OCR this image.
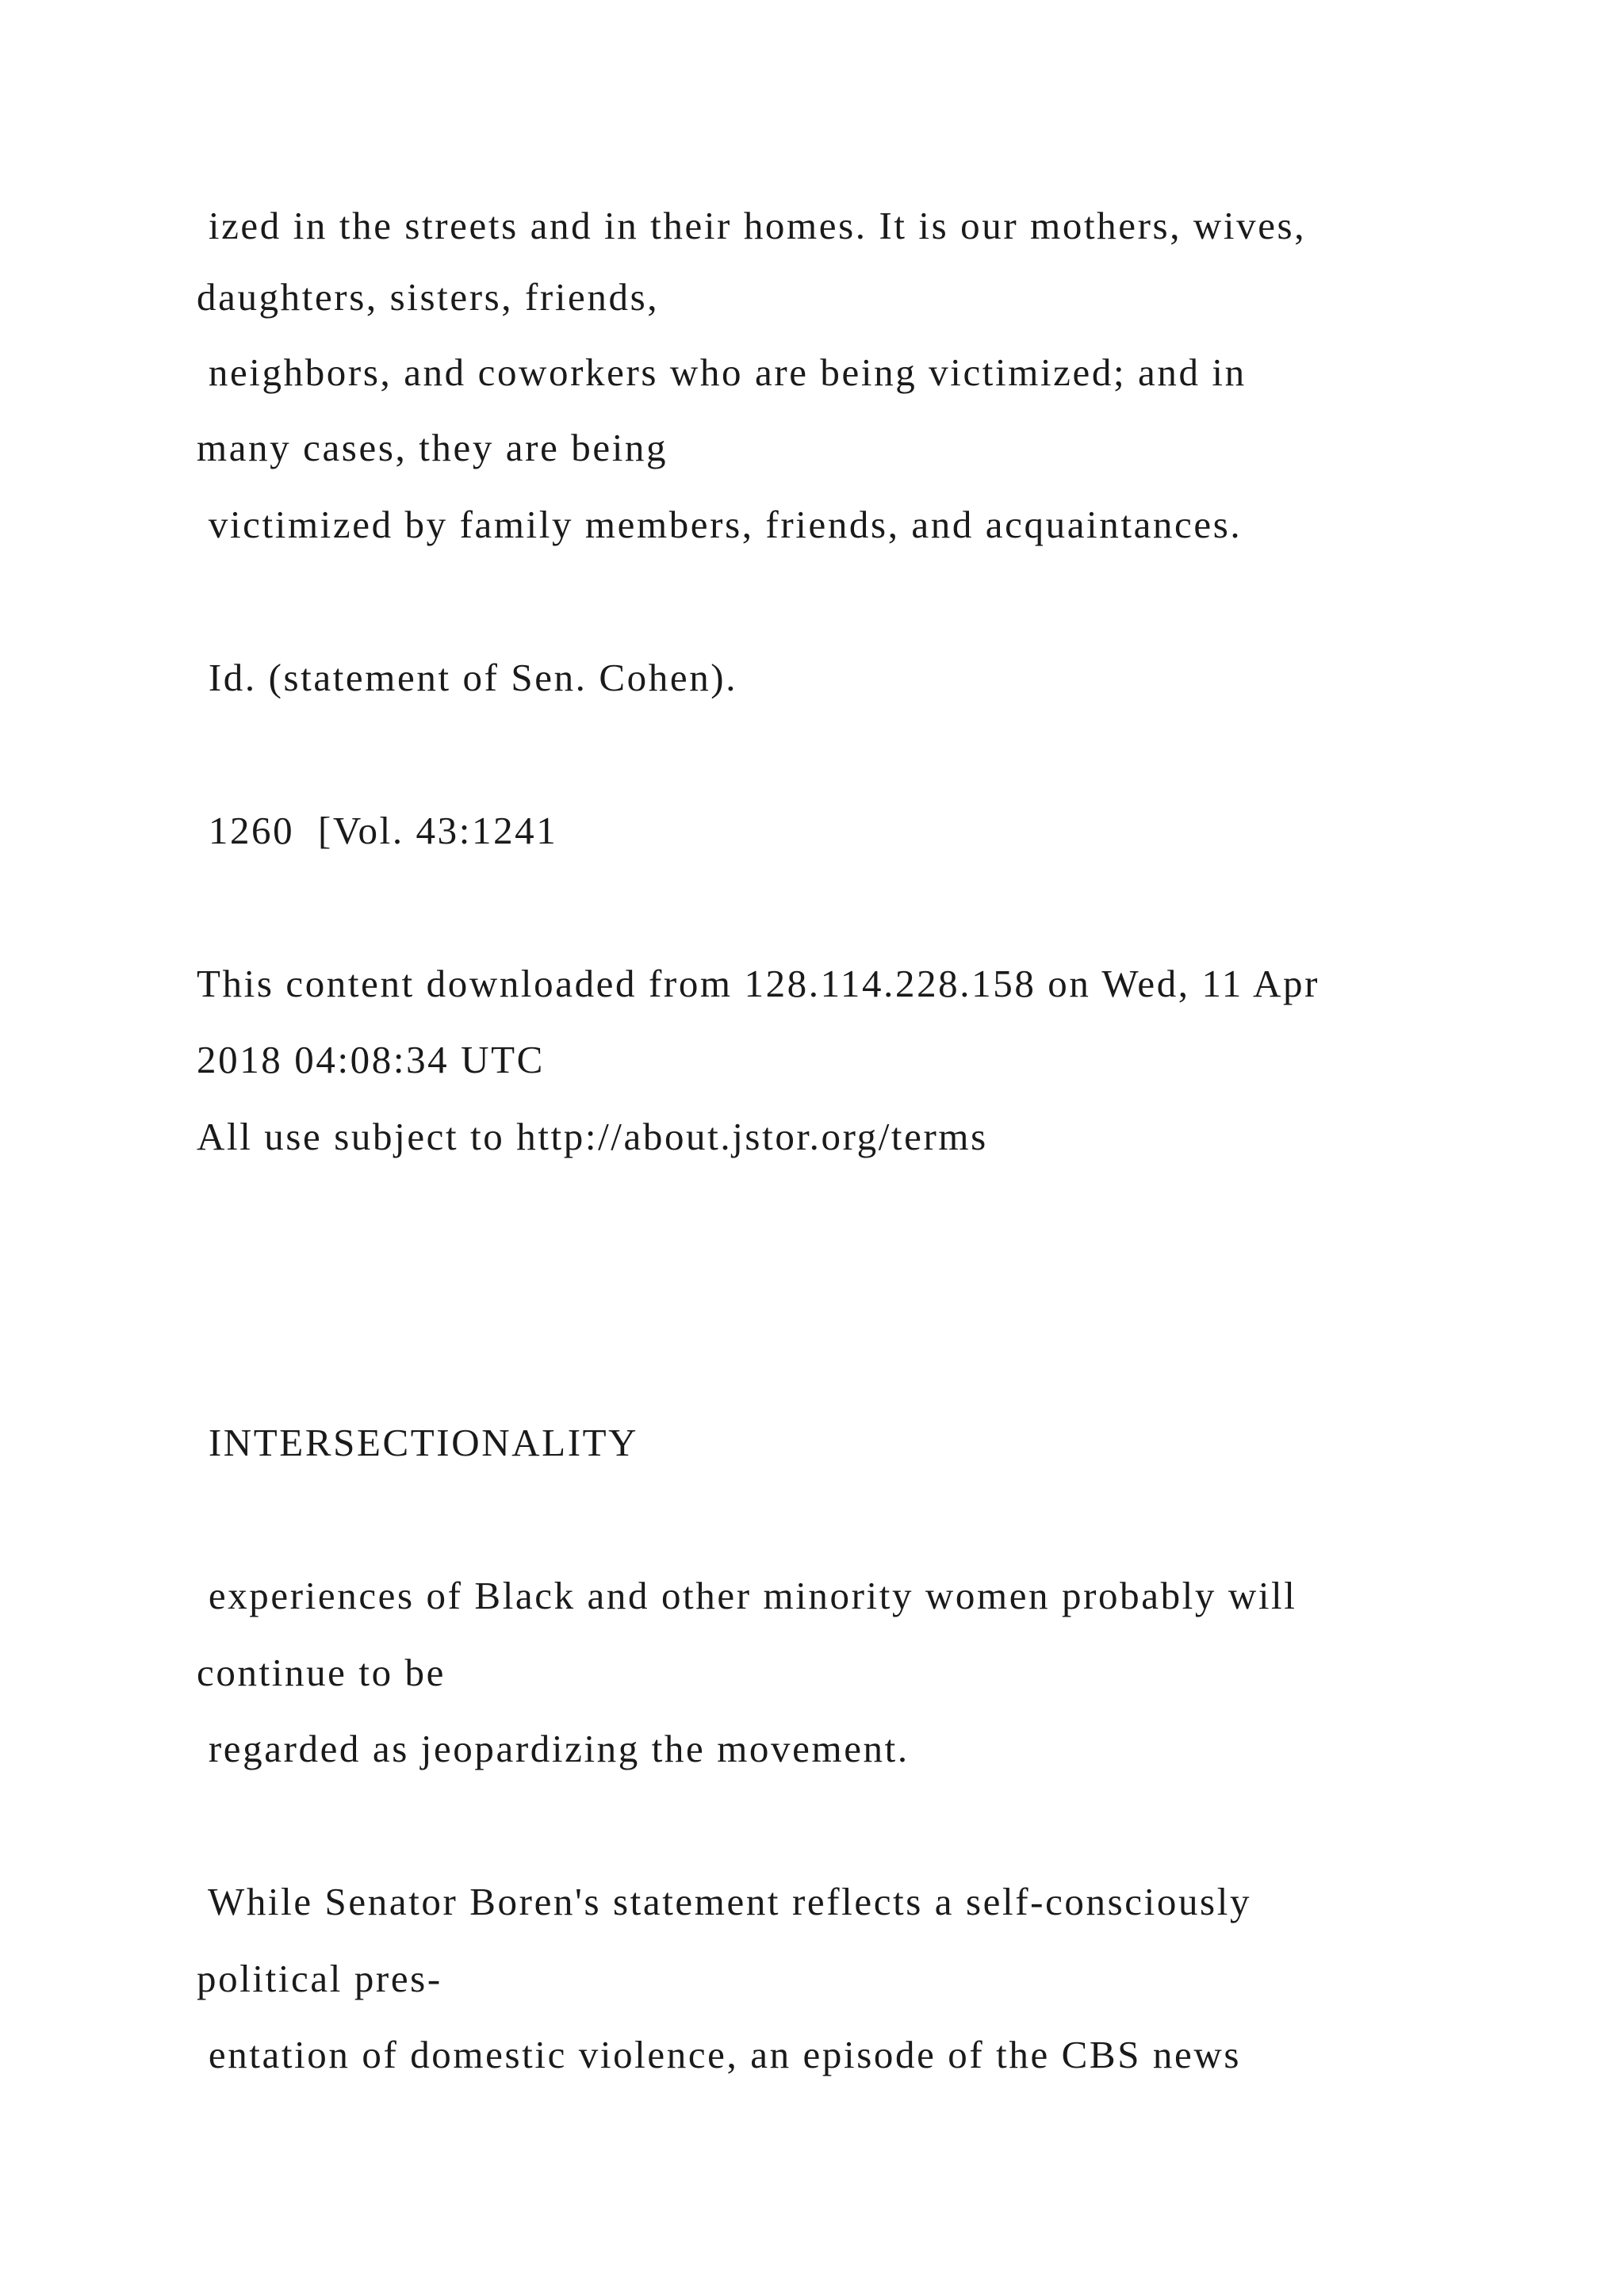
ized in the streets and in their homes. It is our mothers, wives,

daughters, sisters, friends,

neighbors, and coworkers who are being victimized; and in

many cases, they are being

victimized by family members, friends, and acquaintances.

Id. (statement of Sen. Cohen).

1260  [Vol. 43:1241

This content downloaded from 128.114.228.158 on Wed, 11 Apr

2018 04:08:34 UTC

All use subject to http://about.jstor.org/terms

INTERSECTIONALITY

experiences of Black and other minority women probably will

continue to be

regarded as jeopardizing the movement.

While Senator Boren's statement reflects a self-consciously

political pres-

entation of domestic violence, an episode of the CBS news
